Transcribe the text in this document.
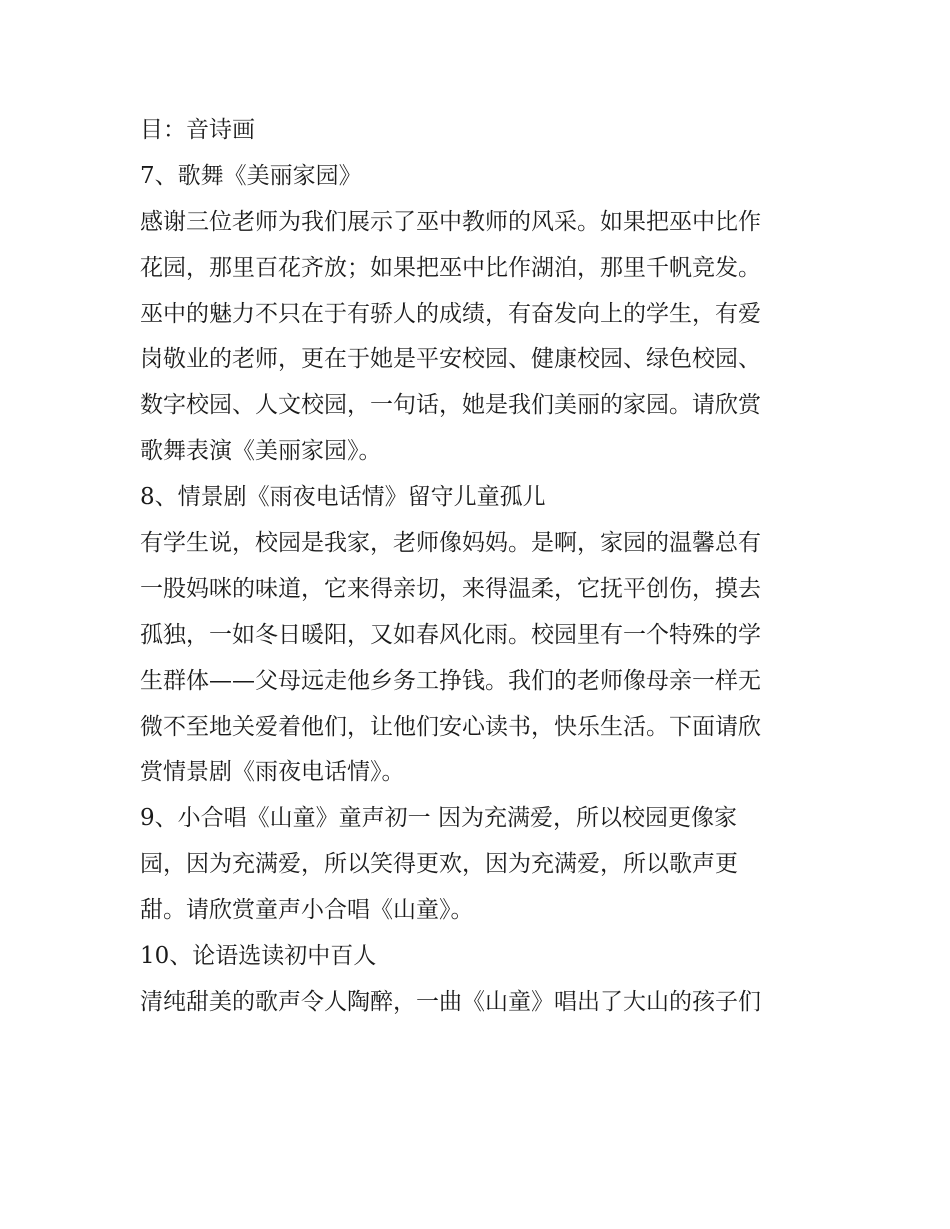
目：音诗画
7、歌舞《美丽家园》
感谢三位老师为我们展示了巫中教师的风采。如果把巫中比作
花园，那里百花齐放；如果把巫中比作湖泊，那里千帆竞发。
巫中的魅力不只在于有骄人的成绩，有奋发向上的学生，有爱
岗敬业的老师，更在于她是平安校园、健康校园、绿色校园、
数字校园、人文校园，一句话，她是我们美丽的家园。请欣赏
歌舞表演《美丽家园》。
8、情景剧《雨夜电话情》留守儿童孤儿
有学生说，校园是我家，老师像妈妈。是啊，家园的温馨总有
一股妈咪的味道，它来得亲切，来得温柔，它抚平创伤，摸去
孤独，一如冬日暖阳，又如春风化雨。校园里有一个特殊的学
生群体——父母远走他乡务工挣钱。我们的老师像母亲一样无
微不至地关爱着他们，让他们安心读书，快乐生活。下面请欣
赏情景剧《雨夜电话情》。
9、小合唱《山童》童声初一 因为充满爱，所以校园更像家
园，因为充满爱，所以笑得更欢，因为充满爱，所以歌声更
甜。请欣赏童声小合唱《山童》。
10、论语选读初中百人
清纯甜美的歌声令人陶醉，一曲《山童》唱出了大山的孩子们
